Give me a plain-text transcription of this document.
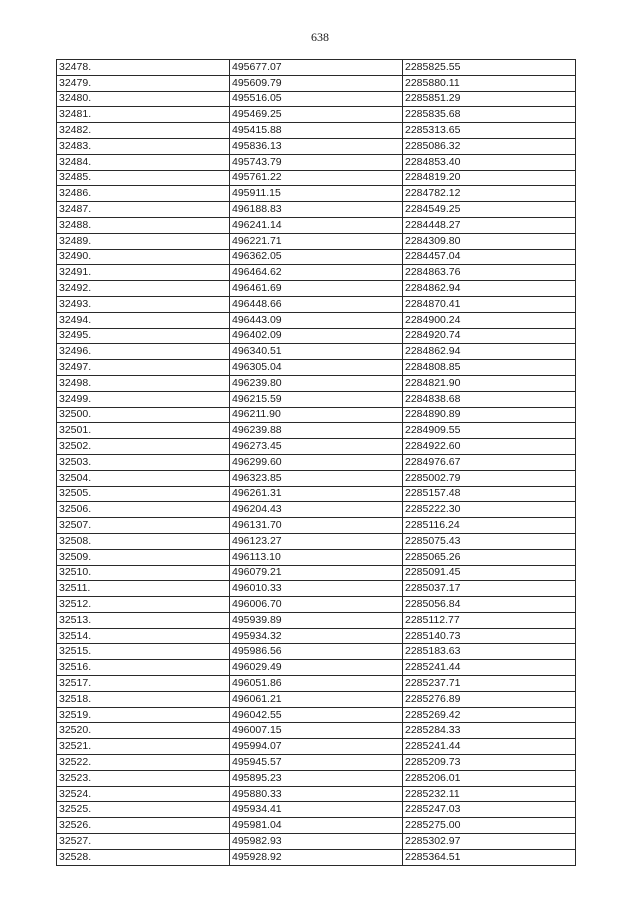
638
32478.	495677.07	2285825.55
32479.	495609.79	2285880.11
32480.	495516.05	2285851.29
32481.	495469.25	2285835.68
32482.	495415.88	2285313.65
32483.	495836.13	2285086.32
32484.	495743.79	2284853.40
32485.	495761.22	2284819.20
32486.	495911.15	2284782.12
32487.	496188.83	2284549.25
32488.	496241.14	2284448.27
32489.	496221.71	2284309.80
32490.	496362.05	2284457.04
32491.	496464.62	2284863.76
32492.	496461.69	2284862.94
32493.	496448.66	2284870.41
32494.	496443.09	2284900.24
32495.	496402.09	2284920.74
32496.	496340.51	2284862.94
32497.	496305.04	2284808.85
32498.	496239.80	2284821.90
32499.	496215.59	2284838.68
32500.	496211.90	2284890.89
32501.	496239.88	2284909.55
32502.	496273.45	2284922.60
32503.	496299.60	2284976.67
32504.	496323.85	2285002.79
32505.	496261.31	2285157.48
32506.	496204.43	2285222.30
32507.	496131.70	2285116.24
32508.	496123.27	2285075.43
32509.	496113.10	2285065.26
32510.	496079.21	2285091.45
32511.	496010.33	2285037.17
32512.	496006.70	2285056.84
32513.	495939.89	2285112.77
32514.	495934.32	2285140.73
32515.	495986.56	2285183.63
32516.	496029.49	2285241.44
32517.	496051.86	2285237.71
32518.	496061.21	2285276.89
32519.	496042.55	2285269.42
32520.	496007.15	2285284.33
32521.	495994.07	2285241.44
32522.	495945.57	2285209.73
32523.	495895.23	2285206.01
32524.	495880.33	2285232.11
32525.	495934.41	2285247.03
32526.	495981.04	2285275.00
32527.	495982.93	2285302.97
32528.	495928.92	2285364.51
